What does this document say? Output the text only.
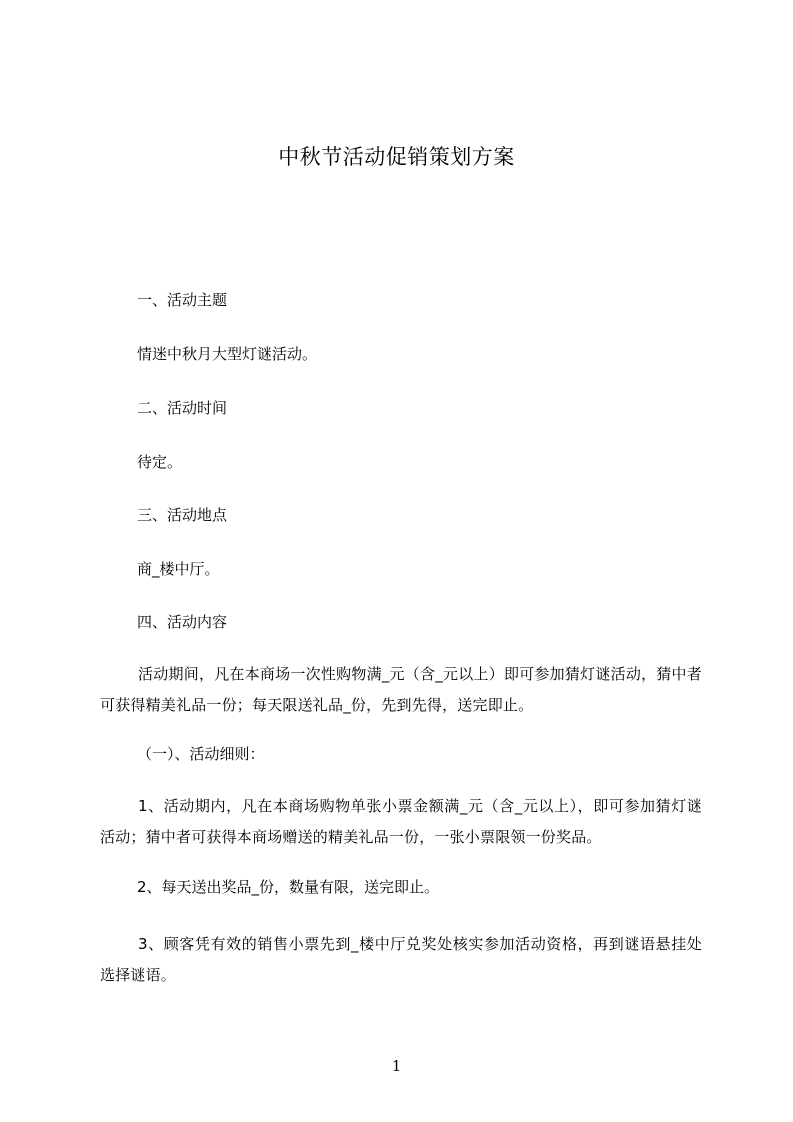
中秋节活动促销策划方案
一、活动主题
情迷中秋月大型灯谜活动。
二、活动时间
待定。
三、活动地点
商_楼中厅。
四、活动内容
活动期间，凡在本商场一次性购物满_元（含_元以上）即可参加猜灯谜活动，猜中者可获得精美礼品一份；每天限送礼品_份，先到先得，送完即止。
（一）、活动细则：
1、活动期内，凡在本商场购物单张小票金额满_元（含_元以上），即可参加猜灯谜活动；猜中者可获得本商场赠送的精美礼品一份，一张小票限领一份奖品。
2、每天送出奖品_份，数量有限，送完即止。
3、顾客凭有效的销售小票先到_楼中厅兑奖处核实参加活动资格，再到谜语悬挂处选择谜语。
1
